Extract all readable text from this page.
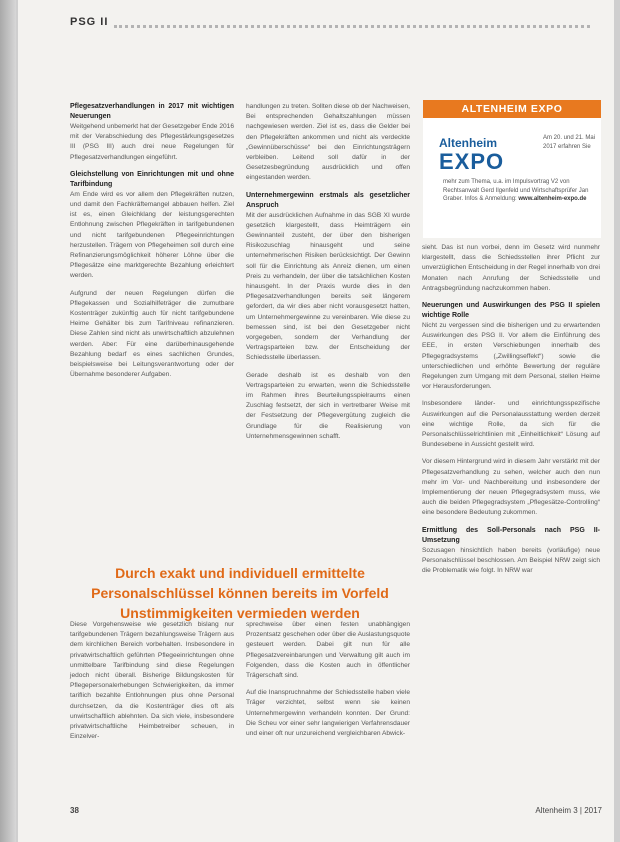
PSG II
Pflegesatzverhandlungen in 2017 mit wichtigen Neuerungen

Weitgehend unbemerkt hat der Gesetzgeber Ende 2016 mit der Verabschiedung des Pflegestärkungsgesetzes III (PSG III) auch drei neue Regelungen für Pflegesatzverhandlungen eingeführt.

Gleichstellung von Einrichtungen mit und ohne Tarifbindung

Am Ende wird es vor allem den Pflegekräften nutzen, und damit den Fachkräftemangel abbauen helfen. Ziel ist es, einen Gleichklang der leistungsgerechten Entlohnung zwischen Pflegekräften in tarifgebundenen und nicht tarifgebundenen Pflegeeinrichtungen herzustellen. Trägern von Pflegeheimen soll durch eine Refinanzierungsmöglichkeit höherer Löhne über die Pflegesätze eine marktgerechte Bezahlung erleichtert werden.

Aufgrund der neuen Regelungen dürfen die Pflegekassen und Sozialhilfeträger die zumutbare Kostenträger zukünftig auch für nicht tarifgebundene Heime Gehälter bis zum Tarifniveau refinanzieren. Diese Zahlen sind nicht als unwirtschaftlich abzulehnen werden. Aber: Für eine darüberhinausgehende Bezahlung bedarf es eines sachlichen Grundes, beispielsweise bei Leitungsverantwortung oder der Übernahme besonderer Aufgaben.

handlungen zu treten. Sollten diese ob der Nachweisen, Bei entsprechenden Gehaltszahlungen müssen nachgewiesen werden. Ziel ist es, dass die Gelder bei den Pflegekräften ankommen und nicht als verdeckte „Gewinnüberschüsse“ bei den Einrichtungsträgern verbleiben. Leitend soll dafür in der Gesetzesbegründung ausdrücklich und offen eingestanden werden.

Unternehmergewinn erstmals als gesetzlicher Anspruch

Mit der ausdrücklichen Aufnahme in das SGB XI wurde gesetzlich klargestellt, dass Heimträgern ein Gewinnanteil zusteht, der über den bisherigen Risikozuschlag hinausgeht und seine unternehmerischen Risiken berücksichtigt. Der Gewinn soll für die Einrichtung als Anreiz dienen, um einen Preis zu verhandeln, der über die tatsächlichen Kosten hinausgeht. In der Praxis wurde dies in den Pflegesatzverhandlungen bereits seit längerem gefordert, da wir dies aber nicht vorausgesetzt hatten, um Unternehmergewinne zu vereinbaren. Wie diese zu bemessen sind, ist bei den Gesetzgeber nicht vorgegeben, sondern der Verhandlung der Vertragsparteien bzw. der Entscheidung der Schiedsstelle überlassen.

Gerade deshalb ist es deshalb von den Vertragsparteien zu erwarten, wenn die Schiedsstelle im Rahmen ihres Beurteilungsspielraums einen Zuschlag festsetzt, der sich in vertretbarer Weise mit der Festsetzung der Pflegevergütung zugleich die Grundlage für die Realisierung von Unternehmensgewinnen schafft.

ALTENHEIM EXPO
Altenheim
EXPO
Am 20. und 21. Mai 2017 erfahren Sie
mehr zum Thema, u.a. im Impulsvortrag V2 von Rechtsanwalt Gerd Ilgenfeld und Wirtschaftsprüfer Jan Graber. Infos & Anmeldung: www.altenheim-expo.de

sieht. Das ist nun vorbei, denn im Gesetz wird nunmehr klargestellt, dass die Schiedsstellen ihrer Pflicht zur unverzüglichen Entscheidung in der Regel innerhalb von drei Monaten nach Anrufung der Schiedsstelle und Antragsbegründung nachzukommen haben.

Neuerungen und Auswirkungen des PSG II spielen wichtige Rolle

Nicht zu vergessen sind die bisherigen und zu erwartenden Auswirkungen des PSG II. Vor allem die Einführung des EEE, in ersten Verschiebungen innerhalb des Pflegegradsystems („Zwillingseffekt“) sowie die unterschiedlichen und erhöhte Bewertung der reguläre Regelungen zum Umgang mit dem Personal, stellen Heime vor Herausforderungen.

Insbesondere länder- und einrichtungsspezifische Auswirkungen auf die Personalausstattung werden derzeit eine wichtige Rolle, da sich für die Personalschlüsselrichtlinien mit „Einheitlichkeit“ Lösung auf Bundesebene in Aussicht gestellt wird.

Vor diesem Hintergrund wird in diesem Jahr verstärkt mit der Pflegesatzverhandlung zu sehen, welcher auch den nun mehr im Vor- und Nachbereitung und insbesondere der Implementierung der neuen Pflegegradsystem muss, wie auch die beiden Pflegegradsystem „Pflegesätze-Controlling“ eine besondere Bedeutung zukommen.

Ermittlung des Soll-Personals nach PSG II-Umsetzung

Sozusagen hinsichtlich haben bereits (vorläufige) neue Personalschlüssel beschlossen. Am Beispiel NRW zeigt sich die Problematik wie folgt. In NRW war

Durch exakt und individuell ermittelte
Personalschlüssel können bereits im Vorfeld
Unstimmigkeiten vermieden werden

Diese Vorgehensweise wie gesetzlich bislang nur tarifgebundenen Trägern bezahlungsweise Trägern aus dem kirchlichen Bereich vorbehalten. Insbesondere in privatwirtschaftlich geführten Pflegeeinrichtungen ohne unmittelbare Tarifbindung sind diese Regelungen jedoch nicht überall. Bisherige Bildungskosten für Pflegepersonalerhebungen Schwierigkeiten, da immer tariflich bezahlte Entlohnungen plus ohne Personal durchsetzen, da die Kostenträger dies oft als unwirtschaftlich ablehnten. Da sich viele, insbesondere privatwirtschaftliche Heimbetreiber scheuen, in Einzelver-

sprechweise über einen festen unabhängigen Prozentsatz geschehen oder über die Auslastungsquote gesteuert werden. Dabei gilt nun für alle Pflegesatzvereinbarungen und Verwaltung gilt auch im Folgenden, dass die Kosten auch in öffentlicher Trägerschaft sind.

Auf die Inanspruchnahme der Schiedsstelle haben viele Träger verzichtet, selbst wenn sie keinen Unternehmergewinn verhandeln konnten. Der Grund: Die Scheu vor einer sehr langwierigen Verfahrensdauer und einer oft nur unzureichend vergleichbaren Abwick-

38	Altenheim 3 | 2017
